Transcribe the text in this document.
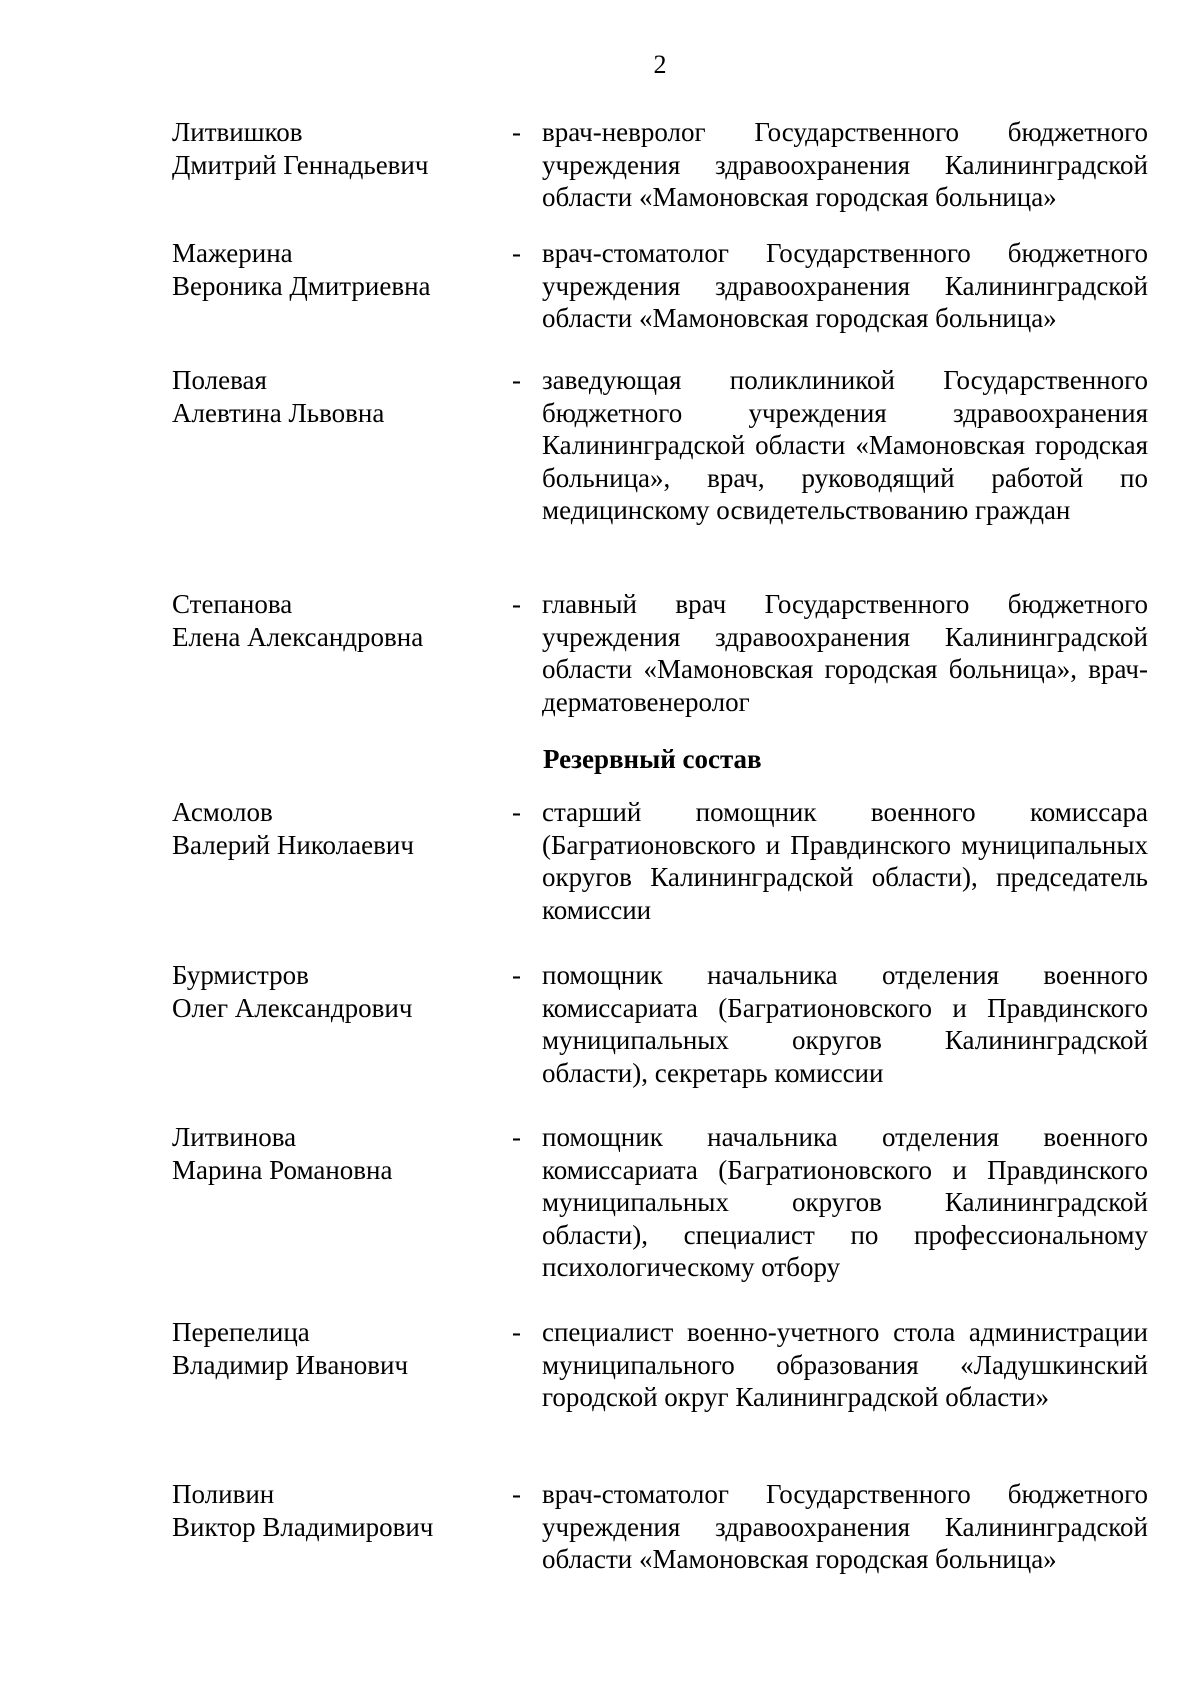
2
Литвишков
Дмитрий Геннадьевич
- врач-невролог Государственного бюджетного учреждения здравоохранения Калининградской области «Мамоновская городская больница»
Мажерина
Вероника Дмитриевна
- врач-стоматолог Государственного бюджетного учреждения здравоохранения Калининградской области «Мамоновская городская больница»
Полевая
Алевтина Львовна
- заведующая поликлиникой Государственного бюджетного учреждения здравоохранения Калининградской области «Мамоновская городская больница», врач, руководящий работой по медицинскому освидетельствованию граждан
Степанова
Елена Александровна
- главный врач Государственного бюджетного учреждения здравоохранения Калининградской области «Мамоновская городская больница», врач-дерматовенеролог
Резервный состав
Асмолов
Валерий Николаевич
- старший помощник военного комиссара (Багратионовского и Правдинского муниципальных округов Калининградской области), председатель комиссии
Бурмистров
Олег Александрович
- помощник начальника отделения военного комиссариата (Багратионовского и Правдинского муниципальных округов Калининградской области), секретарь комиссии
Литвинова
Марина Романовна
- помощник начальника отделения военного комиссариата (Багратионовского и Правдинского муниципальных округов Калининградской области), специалист по профессиональному психологическому отбору
Перепелица
Владимир Иванович
- специалист военно-учетного стола администрации муниципального образования «Ладушкинский городской округ Калининградской области»
Поливин
Виктор Владимирович
- врач-стоматолог Государственного бюджетного учреждения здравоохранения Калининградской области «Мамоновская городская больница»
